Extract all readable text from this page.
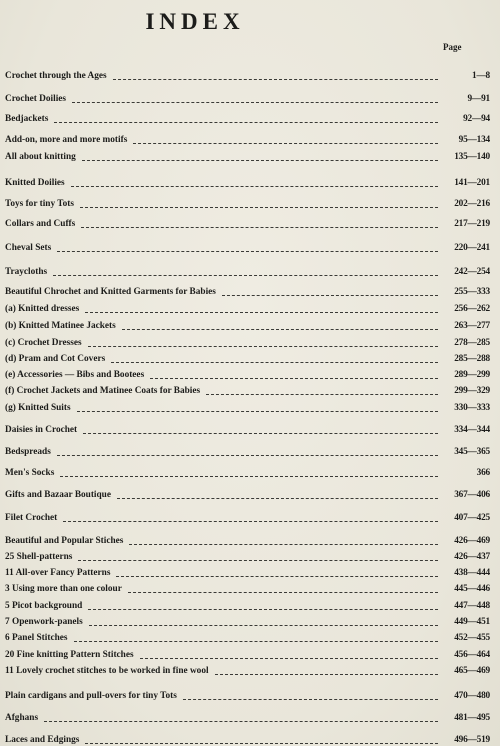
INDEX
Page
Crochet through the Ages	1—8
Crochet Doilies	9—91
Bedjackets	92—94
Add-on, more and more motifs	95—134
All about knitting	135—140
Knitted Doilies	141—201
Toys for tiny Tots	202—216
Collars and Cuffs	217—219
Cheval Sets	220—241
Traycloths	242—254
Beautiful Chrochet and Knitted Garments for Babies	255—333
(a) Knitted dresses	256—262
(b) Knitted Matinee Jackets	263—277
(c) Crochet Dresses	278—285
(d) Pram and Cot Covers	285—288
(e) Accessories — Bibs and Bootees	289—299
(f) Crochet Jackets and Matinee Coats for Babies	299—329
(g) Knitted Suits	330—333
Daisies in Crochet	334—344
Bedspreads	345—365
Men's Socks	366
Gifts and Bazaar Boutique	367—406
Filet Crochet	407—425
Beautiful and Popular Stiches	426—469
25 Shell-patterns	426—437
11 All-over Fancy Patterns	438—444
3 Using more than one colour	445—446
5 Picot background	447—448
7 Openwork-panels	449—451
6 Panel Stitches	452—455
20 Fine knitting Pattern Stitches	456—464
11 Lovely crochet stitches to be worked in fine wool	465—469
Plain cardigans and pull-overs for tiny Tots	470—480
Afghans	481—495
Laces and Edgings	496—519
